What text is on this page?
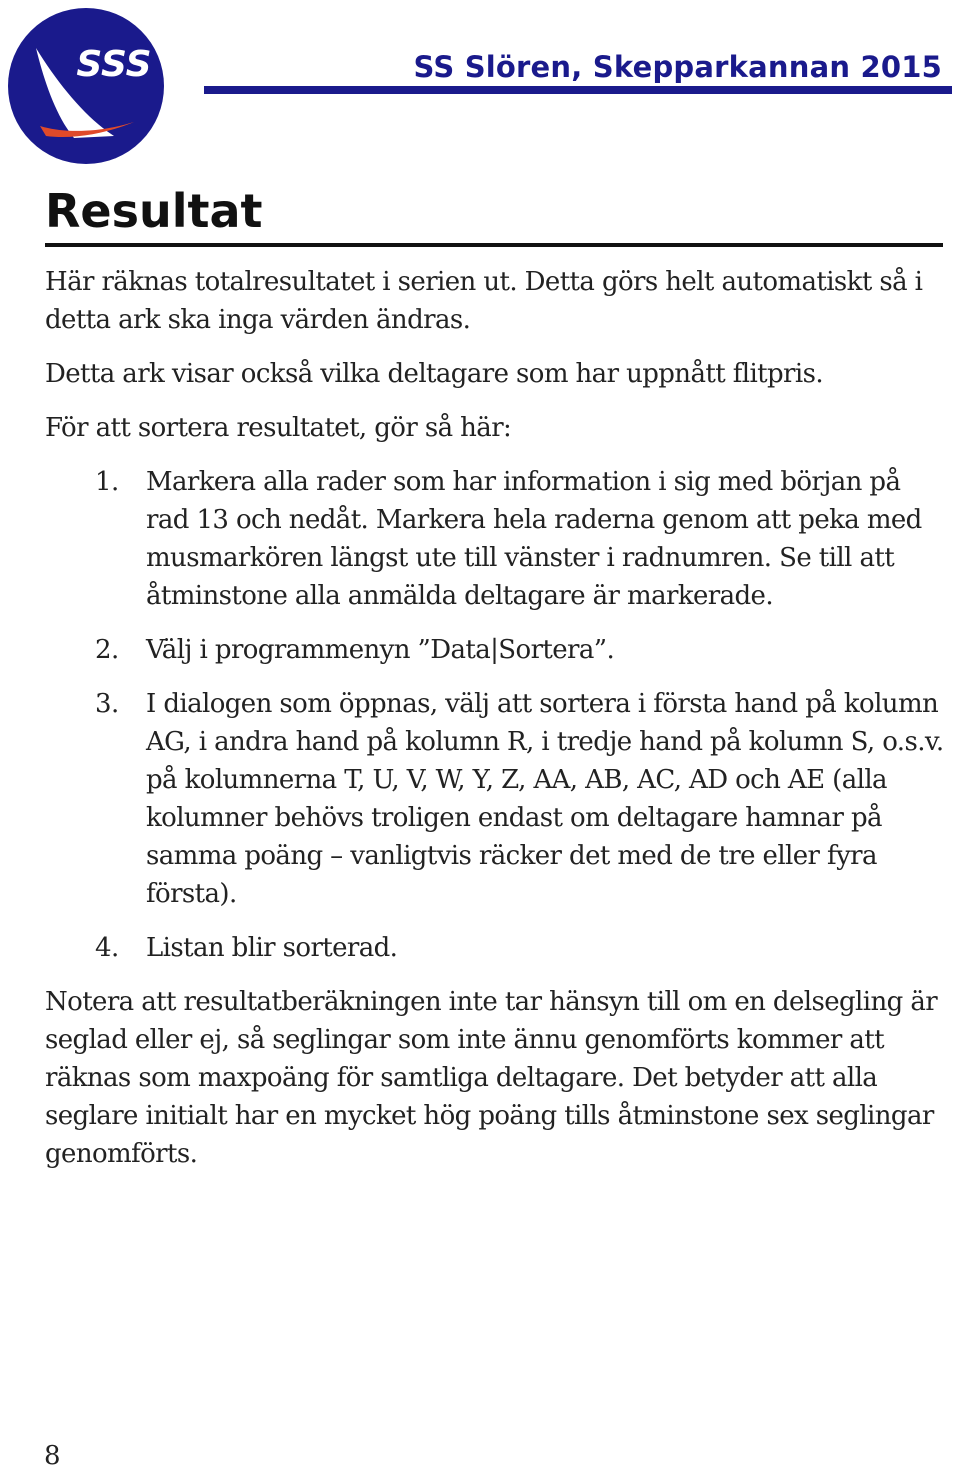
SSS	SS Slören, Skepparkannan 2015
Resultat

Här räknas totalresultatet i serien ut. Detta görs helt automatiskt så i detta ark ska inga värden ändras.

Detta ark visar också vilka deltagare som har uppnått flitpris.

För att sortera resultatet, gör så här:

1. Markera alla rader som har information i sig med början på rad 13 och nedåt. Markera hela raderna genom att peka med musmarkören längst ute till vänster i radnumren. Se till att åtminstone alla anmälda deltagare är markerade.
2. Välj i programmenyn ”Data|Sortera”.
3. I dialogen som öppnas, välj att sortera i första hand på kolumn AG, i andra hand på kolumn R, i tredje hand på kolumn S, o.s.v. på kolumnerna T, U, V, W, Y, Z, AA, AB, AC, AD och AE (alla kolumner behövs troligen endast om deltagare hamnar på samma poäng – vanligtvis räcker det med de tre eller fyra första).
4. Listan blir sorterad.

Notera att resultatberäkningen inte tar hänsyn till om en delsegling är seglad eller ej, så seglingar som inte ännu genomförts kommer att räknas som maxpoäng för samtliga deltagare. Det betyder att alla seglare initialt har en mycket hög poäng tills åtminstone sex seglingar genomförts.

8
